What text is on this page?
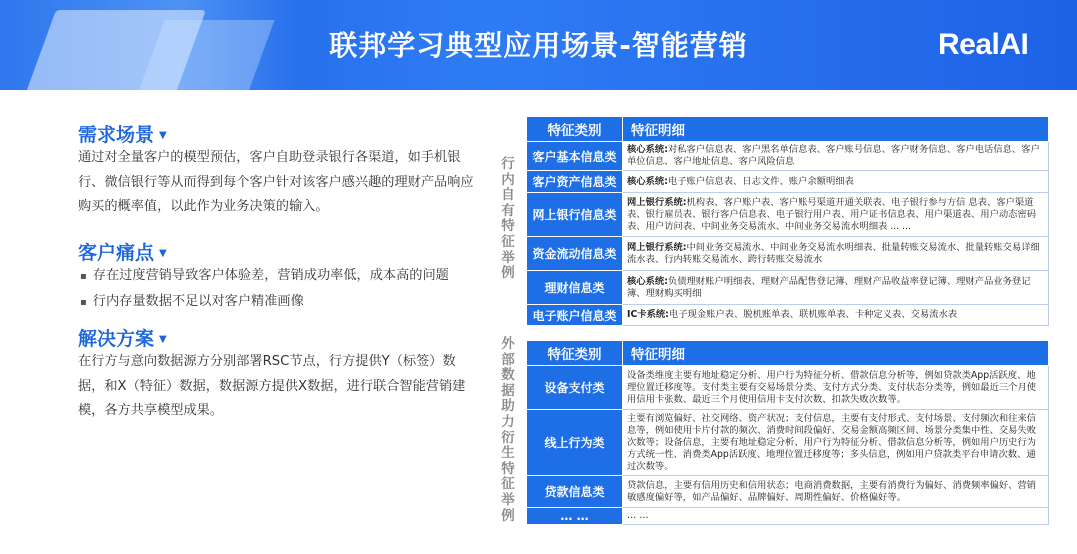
联邦学习典型应用场景-智能营销	RealAI
需求场景 ▼
通过对全量客户的模型预估，客户自助登录银行各渠道，如手机银行、微信银行等从而得到每个客户针对该客户感兴趣的理财产品响应购买的概率值，以此作为业务决策的输入。
客户痛点 ▼
▪ 存在过度营销导致客户体验差，营销成功率低，成本高的问题
▪ 行内存量数据不足以对客户精准画像
解决方案 ▼
在行方与意向数据源方分别部署RSC节点，行方提供Y（标签）数据，和X（特征）数据，数据源方提供X数据，进行联合智能营销建模，各方共享模型成果。
行内自有特征举例
外部数据助力衍生特征举例
特征类别	特征明细
客户基本信息类	核心系统:对私客户信息表、客户黑名单信息表、客户账号信息、客户财务信息、客户电话信息、客户单位信息、客户地址信息、客户风险信息
客户资产信息类	核心系统:电子账户信息表、日志文件、账户余额明细表
网上银行信息类	网上银行系统:机构表、客户账户表、客户账号渠道开通关联表、电子银行参与方信 息表、客户渠道表、银行雇员表、银行客户信息表、电子银行用户表、用户证书信息表、用户渠道表、用户动态密码表、用户访问表、中间业务交易流水、中间业务交易流水明细表 ... ...
资金流动信息类	网上银行系统:中间业务交易流水、中间业务交易流水明细表、批量转账交易流水、批量转账交易详细流水表、行内转账交易流水、跨行转账交易流水
理财信息类	核心系统:负债理财账户明细表、理财产品配售登记簿、理财产品收益率登记簿、理财产品业务登记簿、理财购买明细
电子账户信息类	IC卡系统:电子现金账户表、脱机账单表、联机账单表、卡种定义表、交易流水表
特征类别	特征明细
设备支付类	设备类维度主要有地址稳定分析、用户行为特征分析、借款信息分析等，例如贷款类App活跃度、地理位置迁移度等。支付类主要有交易场景分类、支付方式分类、支付状态分类等，例如最近三个月使用信用卡张数、最近三个月使用信用卡支付次数、扣款失败次数等。
线上行为类	主要有浏览偏好、社交网络、资产状况；支付信息，主要有支付形式、支付场景、支付频次和往来信息等，例如使用卡片付款的频次、消费时间段偏好、交易金额高频区间、场景分类集中性、交易失败次数等；设备信息，主要有地址稳定分析、用户行为特征分析、借款信息分析等，例如用户历史行为方式统一性、消费类App活跃度、地理位置迁移度等；多头信息，例如用户贷款类平台申请次数、通过次数等。
贷款信息类	贷款信息，主要有信用历史和信用状态；电商消费数据，主要有消费行为偏好、消费频率偏好、营销敏感度偏好等，如产品偏好、品牌偏好、周期性偏好、价格偏好等。
… …	… …
